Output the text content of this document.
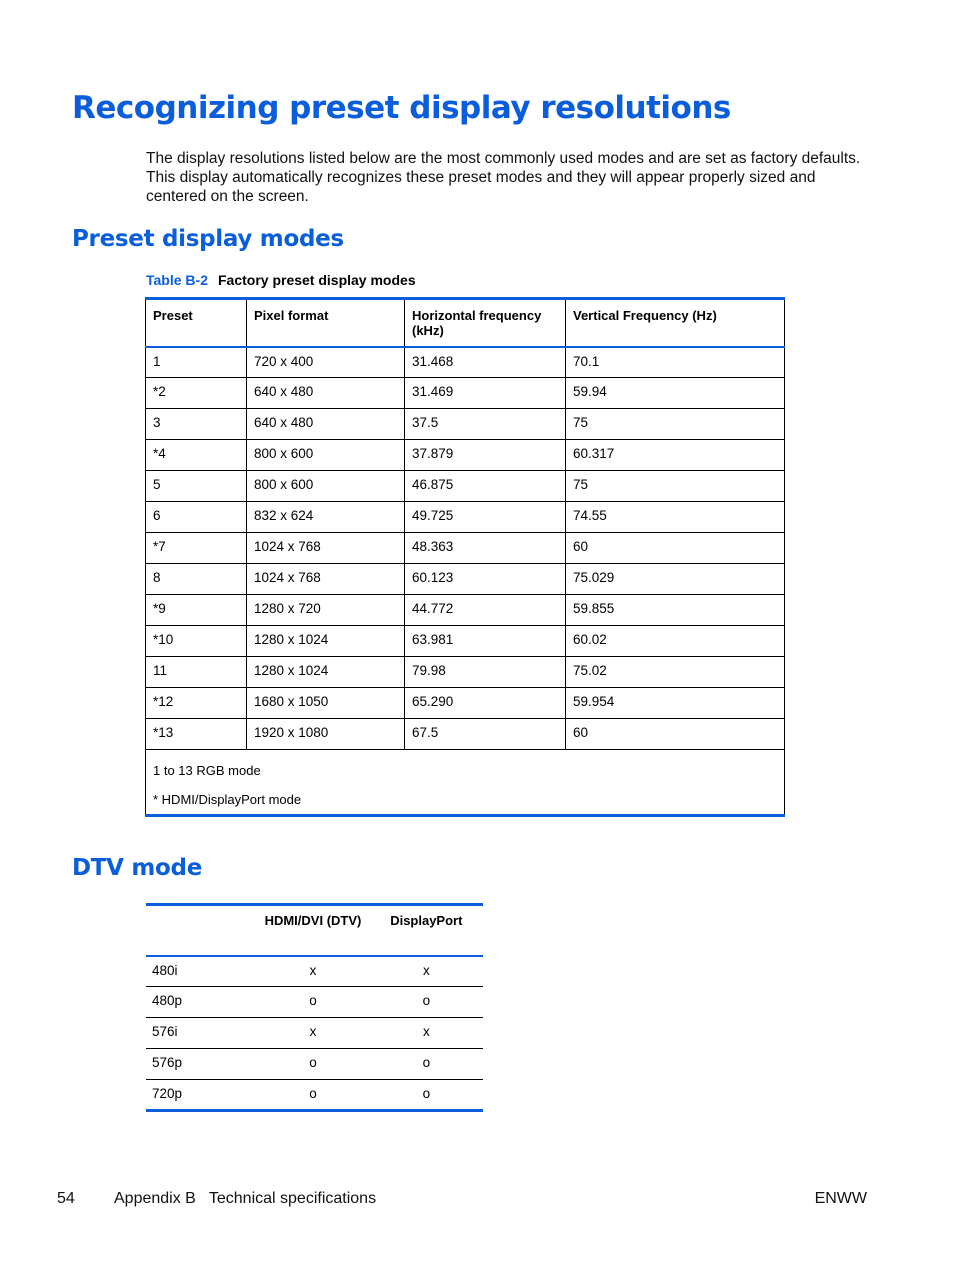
Recognizing preset display resolutions

The display resolutions listed below are the most commonly used modes and are set as factory defaults. This display automatically recognizes these preset modes and they will appear properly sized and centered on the screen.

Preset display modes
Table B-2 Factory preset display modes
Preset	Pixel format	Horizontal frequency (kHz)	Vertical Frequency (Hz)
1	720 x 400	31.468	70.1
*2	640 x 480	31.469	59.94
3	640 x 480	37.5	75
*4	800 x 600	37.879	60.317
5	800 x 600	46.875	75
6	832 x 624	49.725	74.55
*7	1024 x 768	48.363	60
8	1024 x 768	60.123	75.029
*9	1280 x 720	44.772	59.855
*10	1280 x 1024	63.981	60.02
11	1280 x 1024	79.98	75.02
*12	1680 x 1050	65.290	59.954
*13	1920 x 1080	67.5	60

1 to 13 RGB mode
* HDMI/DisplayPort mode			
DTV mode
	HDMI/DVI (DTV)	DisplayPort
480i	x	x
480p	o	o
576i	x	x
576p	o	o
720p	o	o
54 Appendix B   Technical specifications	ENWW
